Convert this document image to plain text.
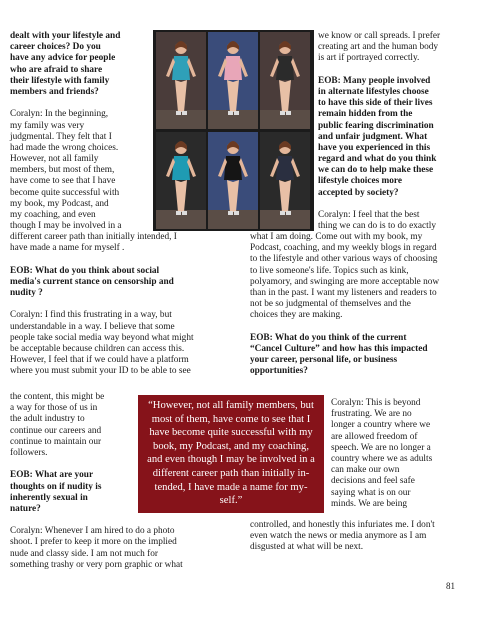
dealt with your lifestyle and
career choices? Do you
have any advice for people
who are afraid to share
their lifestyle with family
members and friends?
Coralyn: In the beginning,
my family was very
judgmental. They felt that I
had made the wrong choices.
However, not all family
members, but most of them,
have come to see that I have
become quite successful with
my book, my Podcast, and
my coaching, and even
though I may be involved in a
different career path than initially intended, I
have made a name for myself .
EOB: What do you think about social
media's current stance on censorship and
nudity ?
Coralyn: I find this frustrating in a way, but
understandable in a way. I believe that some
people take social media way beyond what might
be acceptable because children can access this.
However, I feel that if we could have a platform
where you must submit your ID to be able to see
the content, this might be
a way for those of us in
the adult industry to
continue our careers and
continue to maintain our
followers.
EOB: What are your
thoughts on if nudity is
inherently sexual in
nature?
Coralyn: Whenever I am hired to do a photo
shoot. I prefer to keep it more on the implied
nude and classy side. I am not much for
something trashy or very porn graphic or what
we know or call spreads. I prefer
creating art and the human body
is art if portrayed correctly.
EOB: Many people involved
in alternate lifestyles choose
to have this side of their lives
remain hidden from the
public fearing discrimination
and unfair judgment. What
have you experienced in this
regard and what do you think
we can do to help make these
lifestyle choices more
accepted by society?
Coralyn: I feel that the best
thing we can do is to do exactly
what I am doing. Come out with my book, my
Podcast, coaching, and my weekly blogs in regard
to the lifestyle and other various ways of choosing
to live someone's life. Topics such as kink,
polyamory, and swinging are more acceptable now
than in the past. I want my listeners and readers to
not be so judgmental of themselves and the
choices they are making.
EOB: What do you think of the current
“Cancel Culture” and how has this impacted
your career, personal life, or business
opportunities?
Coralyn: This is beyond
frustrating. We are no
longer a country where we
are allowed freedom of
speech. We are no longer a
country where we as adults
can make our own
decisions and feel safe
saying what is on our
minds. We are being
controlled, and honestly this infuriates me. I don't
even watch the news or media anymore as I am
disgusted at what will be next.
“However, not all family members, but
most of them, have come to see that I
have become quite successful with my
book, my Podcast, and my coaching,
and even though I may be involved in a
different career path than initially in-
tended, I have made a name for my-
self.”
81
